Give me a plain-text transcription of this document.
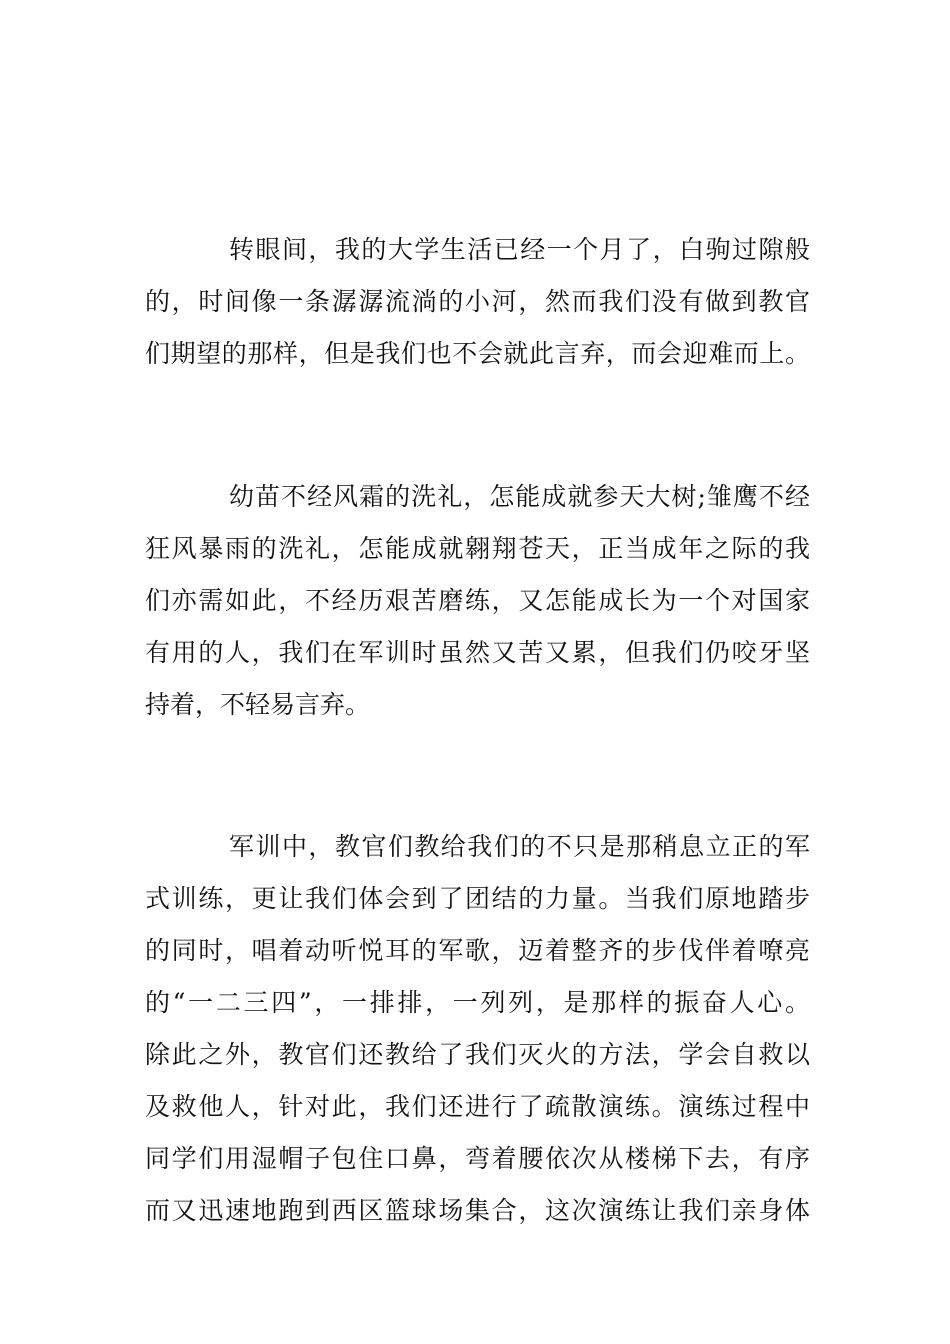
转眼间，我的大学生活已经一个月了，白驹过隙般
的，时间像一条潺潺流淌的小河，然而我们没有做到教官
们期望的那样，但是我们也不会就此言弃，而会迎难而上。
幼苗不经风霜的洗礼，怎能成就参天大树;雏鹰不经
狂风暴雨的洗礼，怎能成就翱翔苍天，正当成年之际的我
们亦需如此，不经历艰苦磨练，又怎能成长为一个对国家
有用的人，我们在军训时虽然又苦又累，但我们仍咬牙坚
持着，不轻易言弃。
军训中，教官们教给我们的不只是那稍息立正的军
式训练，更让我们体会到了团结的力量。当我们原地踏步
的同时，唱着动听悦耳的军歌，迈着整齐的步伐伴着嘹亮
的“一二三四”，一排排，一列列，是那样的振奋人心。
除此之外，教官们还教给了我们灭火的方法，学会自救以
及救他人，针对此，我们还进行了疏散演练。演练过程中
同学们用湿帽子包住口鼻，弯着腰依次从楼梯下去，有序
而又迅速地跑到西区篮球场集合，这次演练让我们亲身体
